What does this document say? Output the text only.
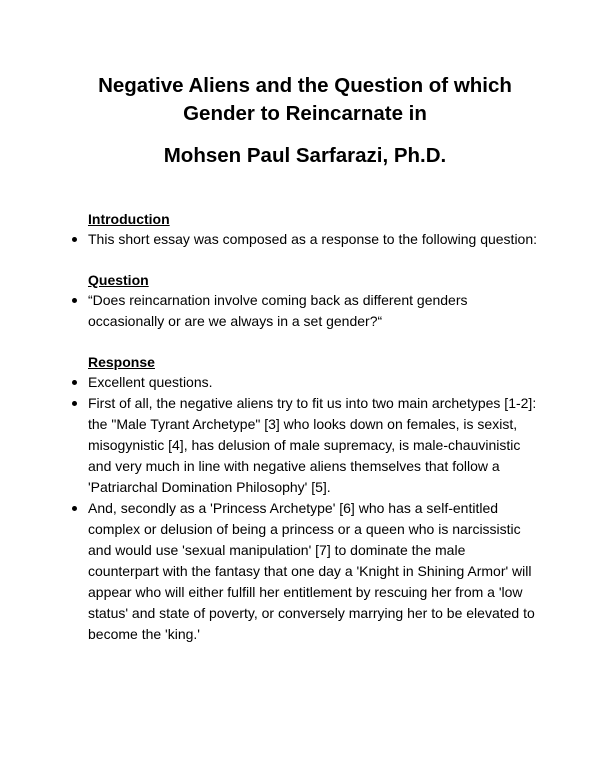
Negative Aliens and the Question of which
Gender to Reincarnate in
Mohsen Paul Sarfarazi, Ph.D.
Introduction
This short essay was composed as a response to the following question:
Question
“Does reincarnation involve coming back as different genders occasionally or are we always in a set gender?“
Response
Excellent questions.
First of all, the negative aliens try to fit us into two main archetypes [1-2]: the "Male Tyrant Archetype" [3] who looks down on females, is sexist, misogynistic [4], has delusion of male supremacy, is male-chauvinistic and very much in line with negative aliens themselves that follow a 'Patriarchal Domination Philosophy' [5].
And, secondly as a 'Princess Archetype' [6] who has a self-entitled complex or delusion of being a princess or a queen who is narcissistic and would use 'sexual manipulation' [7] to dominate the male counterpart with the fantasy that one day a 'Knight in Shining Armor' will appear who will either fulfill her entitlement by rescuing her from a 'low status' and state of poverty, or conversely marrying her to be elevated to become the 'king.'
